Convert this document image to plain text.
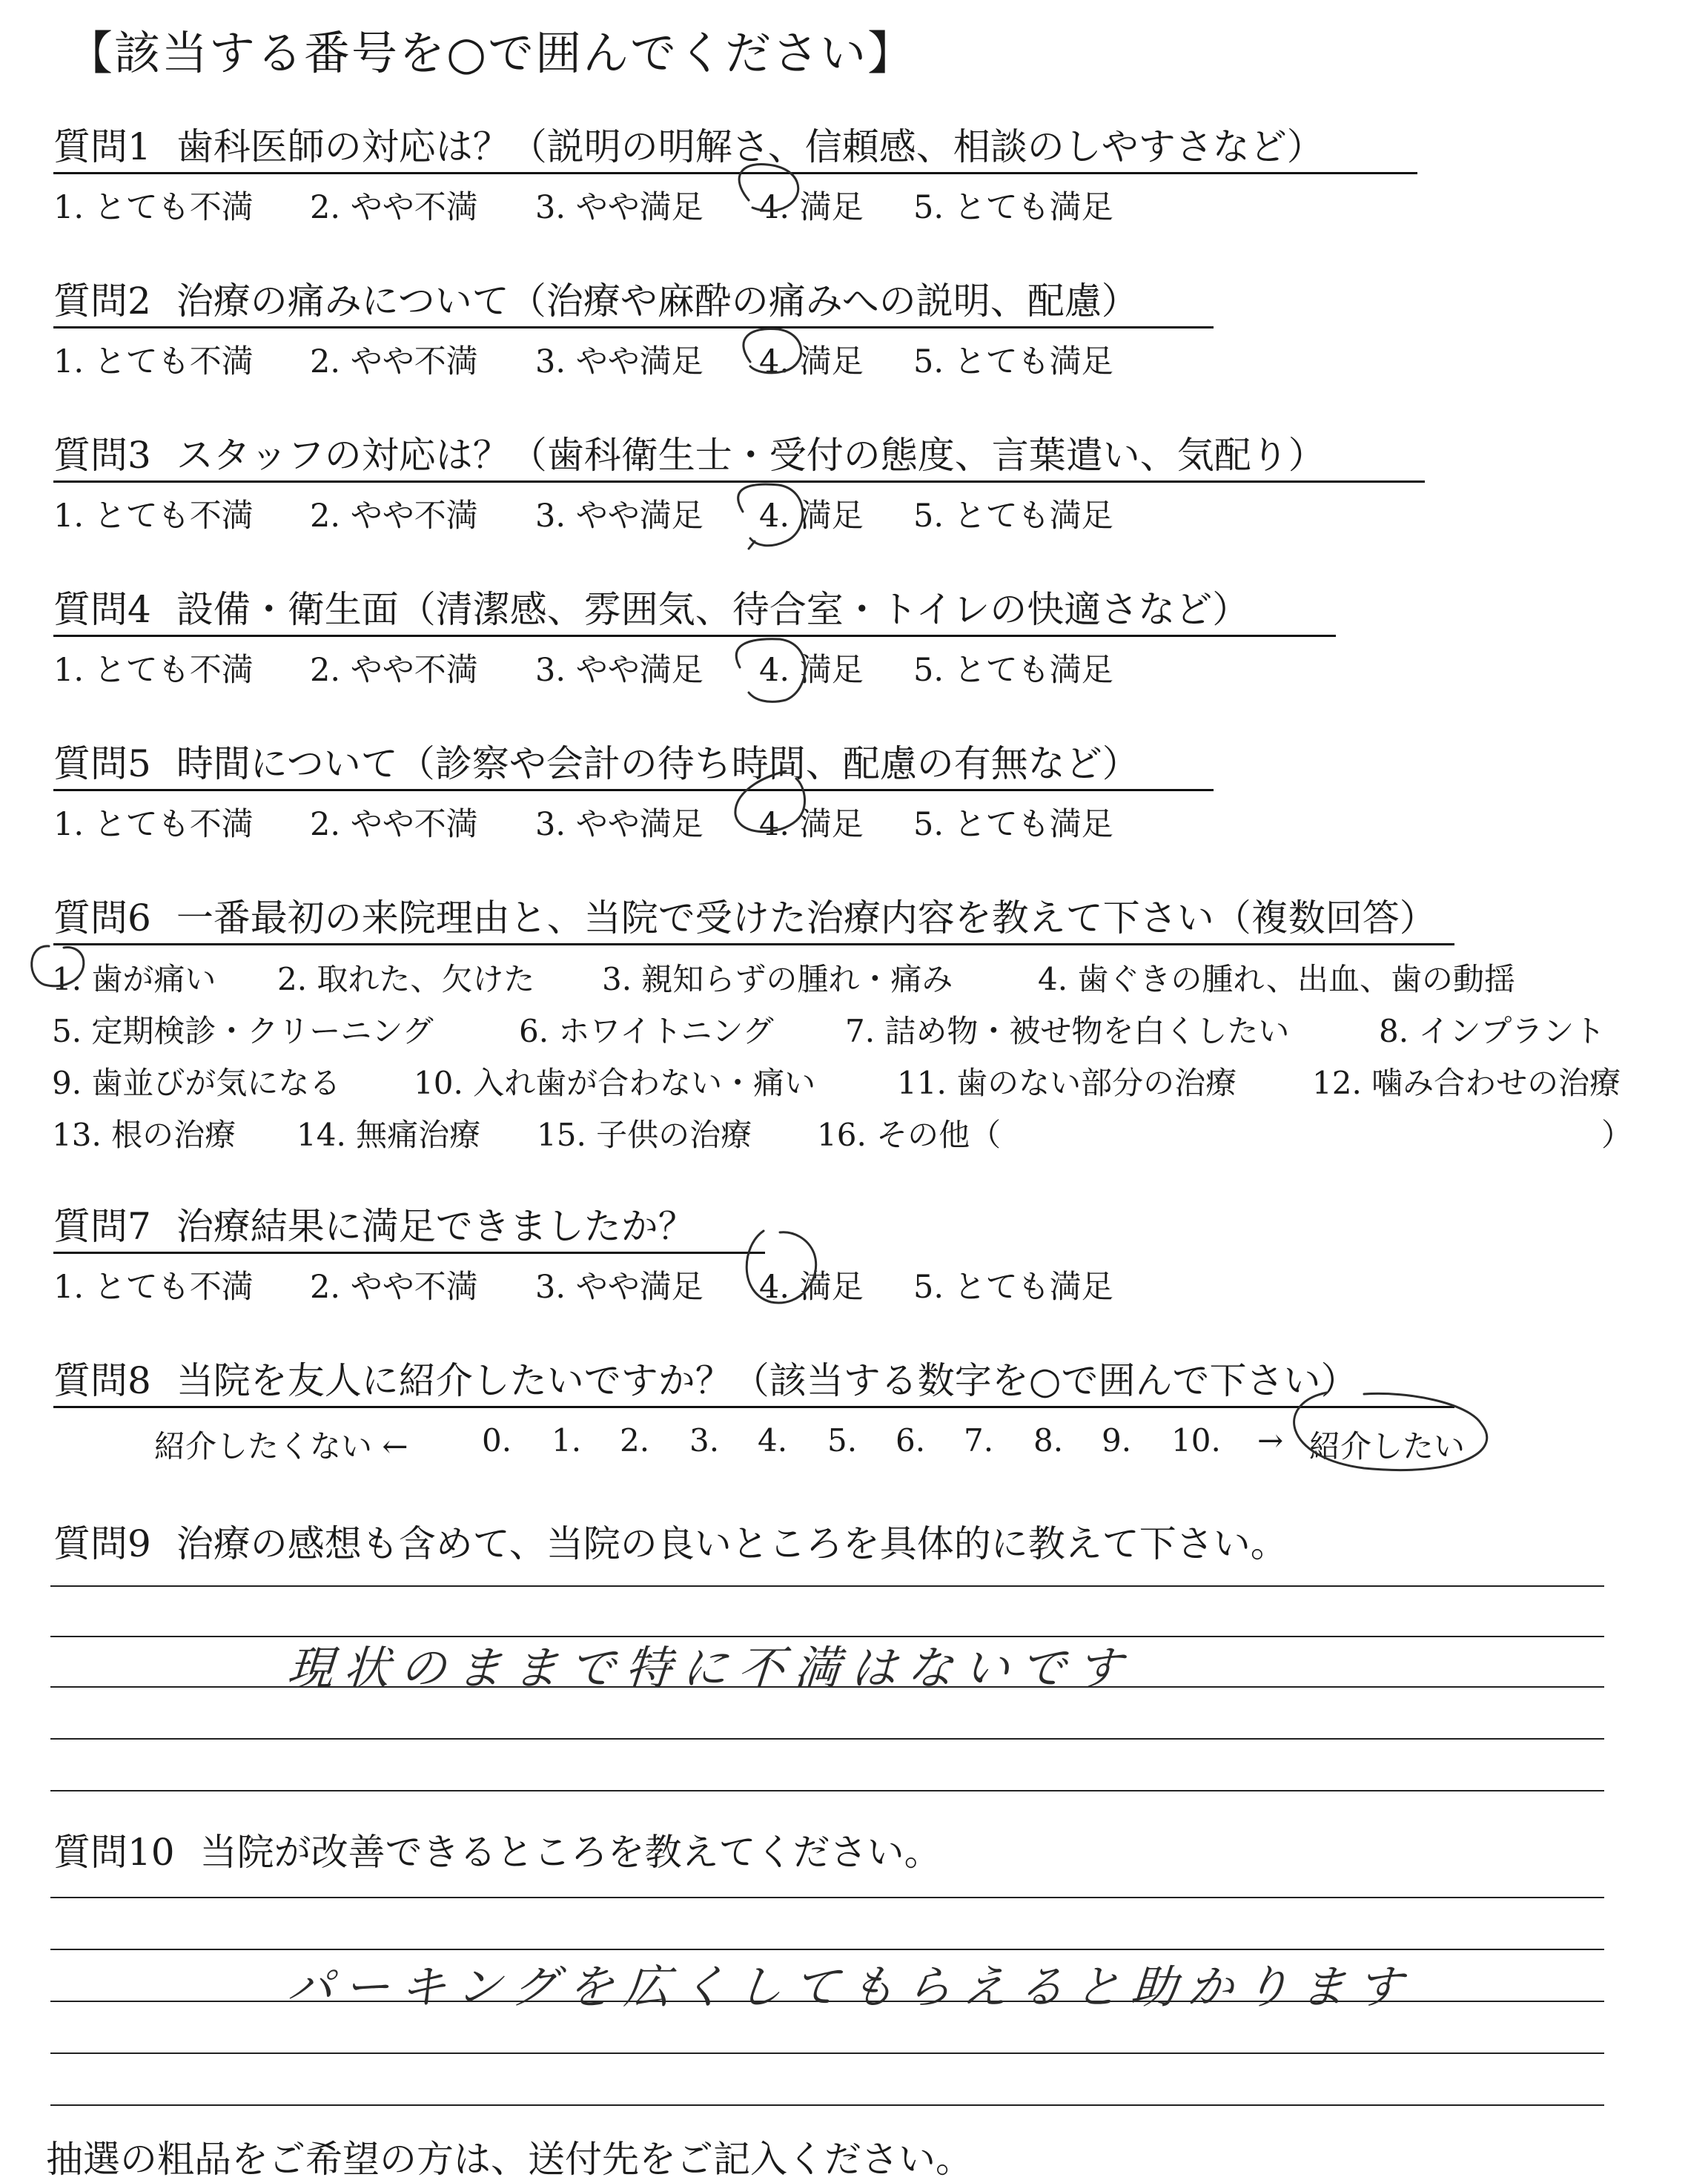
【該当する番号を○で囲んでください】
質問1 歯科医師の対応は？（説明の明解さ、信頼感、相談のしやすさなど）
1. とても不満 2. やや不満 3. やや満足 4. 満足 5. とても満足
質問2 治療の痛みについて（治療や麻酔の痛みへの説明、配慮）
1. とても不満 2. やや不満 3. やや満足 4. 満足 5. とても満足
質問3 スタッフの対応は？（歯科衛生士・受付の態度、言葉遣い、気配り）
1. とても不満 2. やや不満 3. やや満足 4. 満足 5. とても満足
質問4 設備・衛生面（清潔感、雰囲気、待合室・トイレの快適さなど）
1. とても不満 2. やや不満 3. やや満足 4. 満足 5. とても満足
質問5 時間について（診察や会計の待ち時間、配慮の有無など）
1. とても不満 2. やや不満 3. やや満足 4. 満足 5. とても満足
質問6 一番最初の来院理由と、当院で受けた治療内容を教えて下さい（複数回答）
1. 歯が痛い 2. 取れた、欠けた 3. 親知らずの腫れ・痛み	4. 歯ぐきの腫れ、出血、歯の動揺
5. 定期検診・クリーニング	6. ホワイトニング 7. 詰め物・被せ物を白くしたい	8. インプラント
9. 歯並びが気になる 10. 入れ歯が合わない・痛い	11. 歯のない部分の治療 12. 噛み合わせの治療
13. 根の治療 14. 無痛治療 15. 子供の治療 16. その他（	）
質問7 治療結果に満足できましたか？
1. とても不満 2. やや不満 3. やや満足 4. 満足 5. とても満足
質問8 当院を友人に紹介したいですか？（該当する数字を○で囲んで下さい）
紹介したくない ← 0. 1. 2. 3. 4. 5. 6. 7. 8. 9. 10. → 紹介したい
質問9 治療の感想も含めて、当院の良いところを具体的に教えて下さい。
現状のままで特に不満はないです
質問10 当院が改善できるところを教えてください。
パーキングを広くしてもらえると助かります
抽選の粗品をご希望の方は、送付先をご記入ください。
